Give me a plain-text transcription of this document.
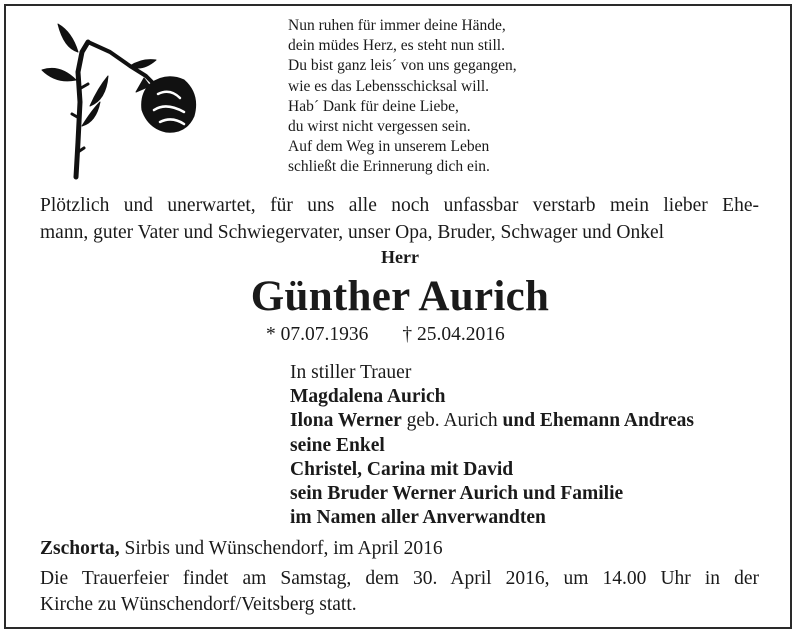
Nun ruhen für immer deine Hände,
dein müdes Herz, es steht nun still.
Du bist ganz leis´ von uns gegangen,
wie es das Lebensschicksal will.
Hab´ Dank für deine Liebe,
du wirst nicht vergessen sein.
Auf dem Weg in unserem Leben
schließt die Erinnerung dich ein.
Plötzlich und unerwartet, für uns alle noch unfassbar verstarb mein lieber Ehe-
mann, guter Vater und Schwiegervater, unser Opa, Bruder, Schwager und Onkel
Herr
Günther Aurich
* 07.07.1936 † 25.04.2016
In stiller Trauer
Magdalena Aurich
Ilona Werner geb. Aurich und Ehemann Andreas
seine Enkel
Christel, Carina mit David
sein Bruder Werner Aurich und Familie
im Namen aller Anverwandten
Zschorta, Sirbis und Wünschendorf, im April 2016
Die Trauerfeier findet am Samstag, dem 30. April 2016, um 14.00 Uhr in der
Kirche zu Wünschendorf/Veitsberg statt.
